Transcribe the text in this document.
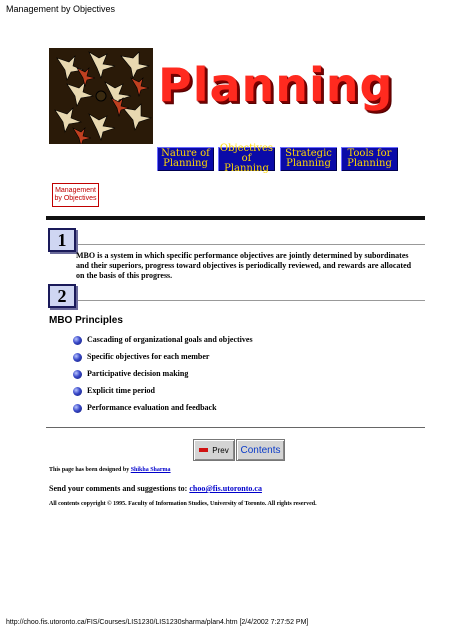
Management by Objectives
Planning
Nature of
Planning
Objectives
of Planning
Strategic
Planning
Tools for
Planning
Management
by Objectives
1
MBO is a system in which specific performance objectives are jointly determined by subordinates and their superiors, progress toward objectives is periodically reviewed, and rewards are allocated on the basis of this progress.
2
MBO Principles
Cascading of organizational goals and objectives
Specific objectives for each member
Participative decision making
Explicit time period
Performance evaluation and feedback
Prev	Contents
This page has been designed by Shikha Sharma
Send your comments and suggestions to: choo@fis.utoronto.ca
All contents copyright © 1995. Faculty of Information Studies, University of Toronto. All rights reserved.
http://choo.fis.utoronto.ca/FIS/Courses/LIS1230/LIS1230sharma/plan4.htm [2/4/2002 7:27:52 PM]
